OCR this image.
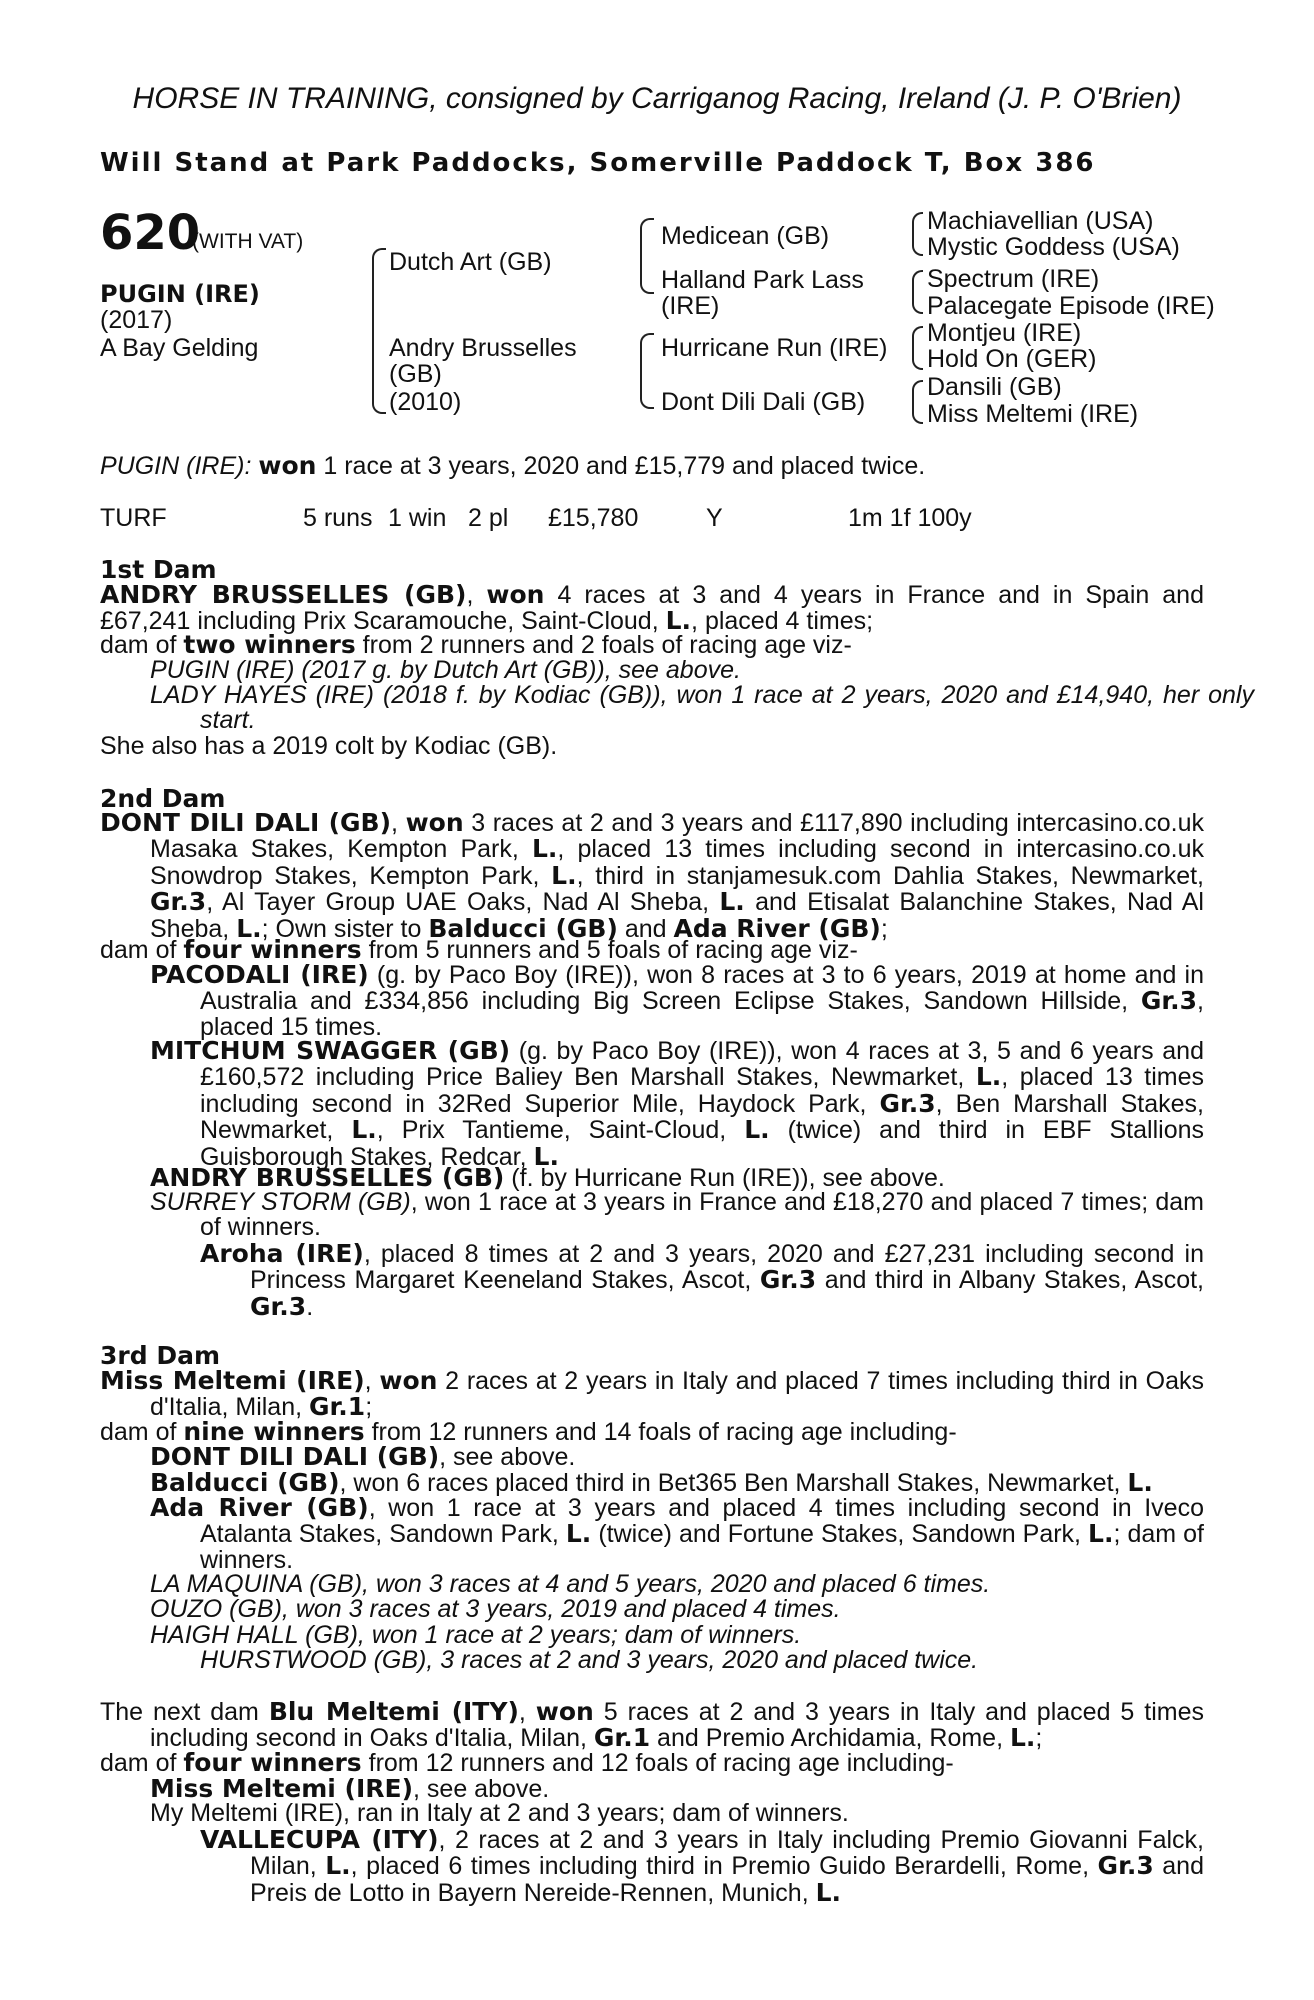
HORSE IN TRAINING, consigned by Carriganog Racing, Ireland (J. P. O'Brien)
Will Stand at Park Paddocks, Somerville Paddock T, Box 386
620
(WITH VAT)
PUGIN (IRE)
(2017)
A Bay Gelding
Dutch Art (GB)
Andry Brusselles
(GB)
(2010)
Medicean (GB)
Halland Park Lass
(IRE)
Hurricane Run (IRE)
Dont Dili Dali (GB)
Machiavellian (USA)
Mystic Goddess (USA)
Spectrum (IRE)
Palacegate Episode (IRE)
Montjeu (IRE)
Hold On (GER)
Dansili (GB)
Miss Meltemi (IRE)
PUGIN (IRE): won 1 race at 3 years, 2020 and £15,779 and placed twice.
TURF	5 runs 1 win 2 pl £15,780	Y	1m 1f 100y
1st Dam
ANDRY BRUSSELLES (GB), won 4 races at 3 and 4 years in France and in Spain and £67,241 including Prix Scaramouche, Saint-Cloud, L., placed 4 times;
dam of two winners from 2 runners and 2 foals of racing age viz-
PUGIN (IRE) (2017 g. by Dutch Art (GB)), see above.
LADY HAYES (IRE) (2018 f. by Kodiac (GB)), won 1 race at 2 years, 2020 and £14,940, her only start.
She also has a 2019 colt by Kodiac (GB).
2nd Dam
DONT DILI DALI (GB), won 3 races at 2 and 3 years and £117,890 including intercasino.co.uk Masaka Stakes, Kempton Park, L., placed 13 times including second in intercasino.co.uk Snowdrop Stakes, Kempton Park, L., third in stanjamesuk.com Dahlia Stakes, Newmarket, Gr.3, Al Tayer Group UAE Oaks, Nad Al Sheba, L. and Etisalat Balanchine Stakes, Nad Al Sheba, L.; Own sister to Balducci (GB) and Ada River (GB);
dam of four winners from 5 runners and 5 foals of racing age viz-
PACODALI (IRE) (g. by Paco Boy (IRE)), won 8 races at 3 to 6 years, 2019 at home and in Australia and £334,856 including Big Screen Eclipse Stakes, Sandown Hillside, Gr.3, placed 15 times.
MITCHUM SWAGGER (GB) (g. by Paco Boy (IRE)), won 4 races at 3, 5 and 6 years and £160,572 including Price Baliey Ben Marshall Stakes, Newmarket, L., placed 13 times including second in 32Red Superior Mile, Haydock Park, Gr.3, Ben Marshall Stakes, Newmarket, L., Prix Tantieme, Saint-Cloud, L. (twice) and third in EBF Stallions Guisborough Stakes, Redcar, L.
ANDRY BRUSSELLES (GB) (f. by Hurricane Run (IRE)), see above.
SURREY STORM (GB), won 1 race at 3 years in France and £18,270 and placed 7 times; dam of winners.
Aroha (IRE), placed 8 times at 2 and 3 years, 2020 and £27,231 including second in Princess Margaret Keeneland Stakes, Ascot, Gr.3 and third in Albany Stakes, Ascot, Gr.3.
3rd Dam
Miss Meltemi (IRE), won 2 races at 2 years in Italy and placed 7 times including third in Oaks d'Italia, Milan, Gr.1;
dam of nine winners from 12 runners and 14 foals of racing age including-
DONT DILI DALI (GB), see above.
Balducci (GB), won 6 races placed third in Bet365 Ben Marshall Stakes, Newmarket, L.
Ada River (GB), won 1 race at 3 years and placed 4 times including second in Iveco Atalanta Stakes, Sandown Park, L. (twice) and Fortune Stakes, Sandown Park, L.; dam of winners.
LA MAQUINA (GB), won 3 races at 4 and 5 years, 2020 and placed 6 times.
OUZO (GB), won 3 races at 3 years, 2019 and placed 4 times.
HAIGH HALL (GB), won 1 race at 2 years; dam of winners.
HURSTWOOD (GB), 3 races at 2 and 3 years, 2020 and placed twice.
The next dam Blu Meltemi (ITY), won 5 races at 2 and 3 years in Italy and placed 5 times including second in Oaks d'Italia, Milan, Gr.1 and Premio Archidamia, Rome, L.;
dam of four winners from 12 runners and 12 foals of racing age including-
Miss Meltemi (IRE), see above.
My Meltemi (IRE), ran in Italy at 2 and 3 years; dam of winners.
VALLECUPA (ITY), 2 races at 2 and 3 years in Italy including Premio Giovanni Falck, Milan, L., placed 6 times including third in Premio Guido Berardelli, Rome, Gr.3 and Preis de Lotto in Bayern Nereide-Rennen, Munich, L.
